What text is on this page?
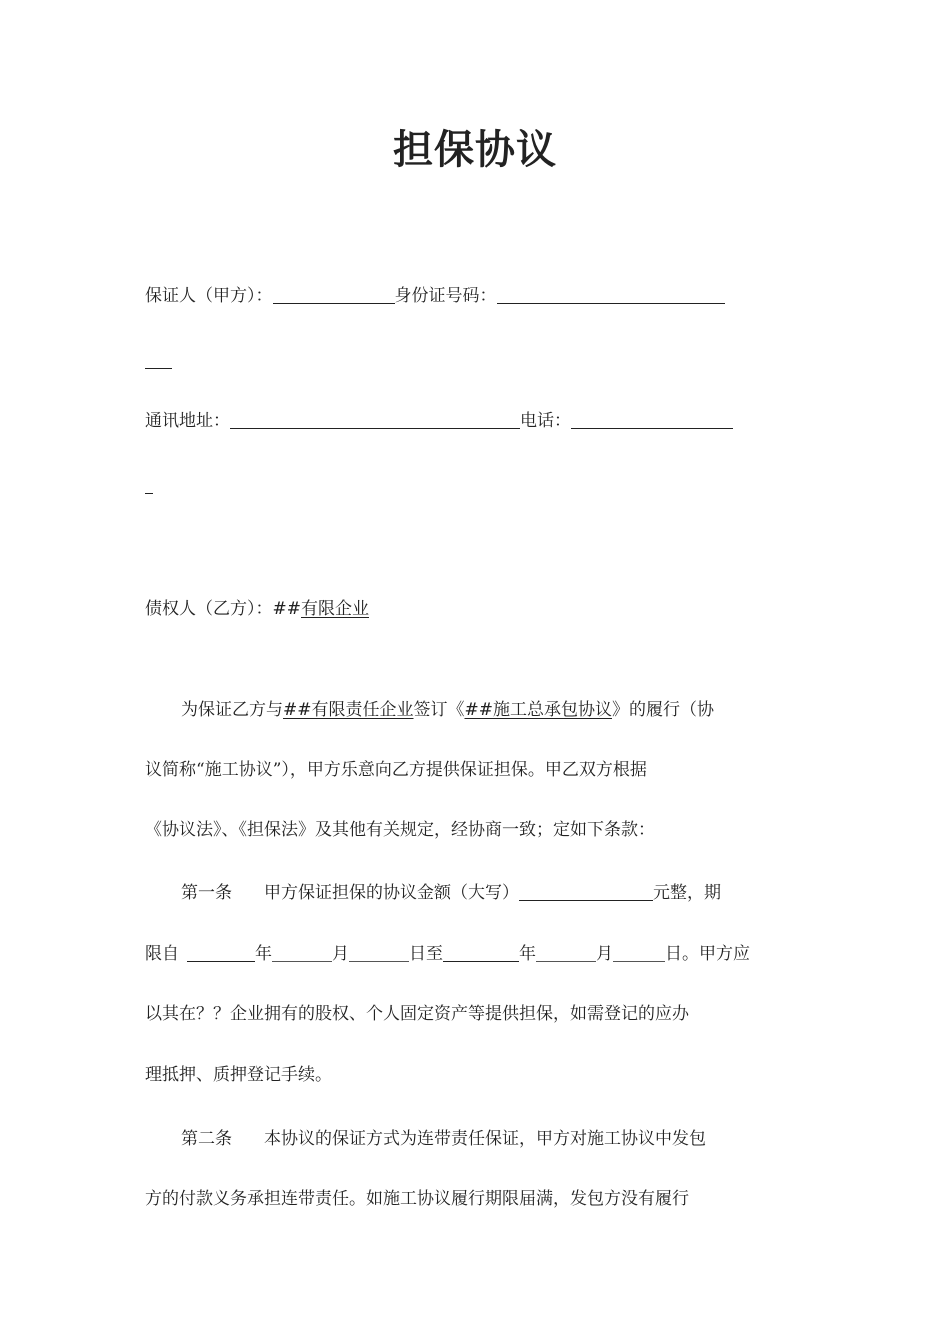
担保协议
保证人（甲方）：	身份证号码：
通讯地址：	电话：
债权人（乙方）：##有限企业
为保证乙方与##有限责任企业签订《##施工总承包协议》的履行（协
议简称“施工协议”），甲方乐意向乙方提供保证担保。甲乙双方根据
《协议法》、《担保法》及其他有关规定，经协商一致；定如下条款：
第一条 甲方保证担保的协议金额（大写）	元整，期
限自	年	月	日至	年	月	日。甲方应
以其在？？企业拥有的股权、个人固定资产等提供担保，如需登记的应办
理抵押、质押登记手续。
第二条 本协议的保证方式为连带责任保证，甲方对施工协议中发包
方的付款义务承担连带责任。如施工协议履行期限届满，发包方没有履行
